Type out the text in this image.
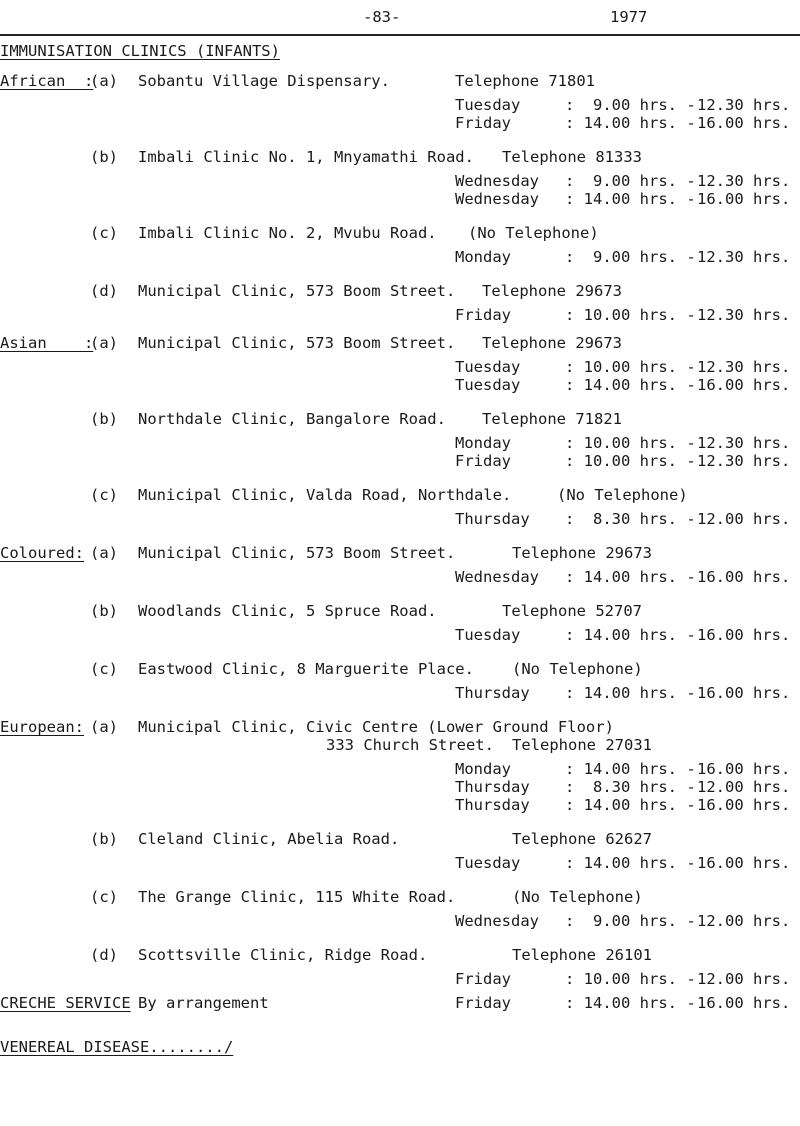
-83-	1977
IMMUNISATION CLINICS (INFANTS)
African  :
(a) Sobantu Village Dispensary.	Telephone 71801
Tuesday	:  9.00 hrs. - 12.30 hrs.
Friday	: 14.00 hrs. - 16.00 hrs.
(b) Imbali Clinic No. 1, Mnyamathi Road. Telephone 81333
Wednesday :  9.00 hrs. - 12.30 hrs.
Wednesday : 14.00 hrs. - 16.00 hrs.
(c) Imbali Clinic No. 2, Mvubu Road. (No Telephone)
Monday	:  9.00 hrs. - 12.30 hrs.
(d) Municipal Clinic, 573 Boom Street. Telephone 29673
Friday	: 10.00 hrs. - 12.30 hrs.
Asian    :
(a) Municipal Clinic, 573 Boom Street. Telephone 29673
Tuesday	: 10.00 hrs. - 12.30 hrs.
Tuesday	: 14.00 hrs. - 16.00 hrs.
(b) Northdale Clinic, Bangalore Road. Telephone 71821
Monday	: 10.00 hrs. - 12.30 hrs.
Friday	: 10.00 hrs. - 12.30 hrs.
(c) Municipal Clinic, Valda Road, Northdale.	(No Telephone)
Thursday :  8.30 hrs. - 12.00 hrs.
Coloured: (a) Municipal Clinic, 573 Boom Street.	Telephone 29673
Wednesday : 14.00 hrs. - 16.00 hrs.
(b) Woodlands Clinic, 5 Spruce Road.	Telephone 52707
Tuesday	: 14.00 hrs. - 16.00 hrs.
(c) Eastwood Clinic, 8 Marguerite Place. (No Telephone)
Thursday : 14.00 hrs. - 16.00 hrs.
European: (a) Municipal Clinic, Civic Centre (Lower Ground Floor)
333 Church Street. Telephone 27031
Monday	: 14.00 hrs. - 16.00 hrs.
Thursday :  8.30 hrs. - 12.00 hrs.
Thursday : 14.00 hrs. - 16.00 hrs.
(b) Cleland Clinic, Abelia Road.	Telephone 62627
Tuesday	: 14.00 hrs. - 16.00 hrs.
(c) The Grange Clinic, 115 White Road.	(No Telephone)
Wednesday :  9.00 hrs. - 12.00 hrs.
(d) Scottsville Clinic, Ridge Road.	Telephone 26101
Friday	: 10.00 hrs. - 12.00 hrs.
CRECHE SERVICE By arrangement	Friday	: 14.00 hrs. - 16.00 hrs.
VENEREAL DISEASE......../
